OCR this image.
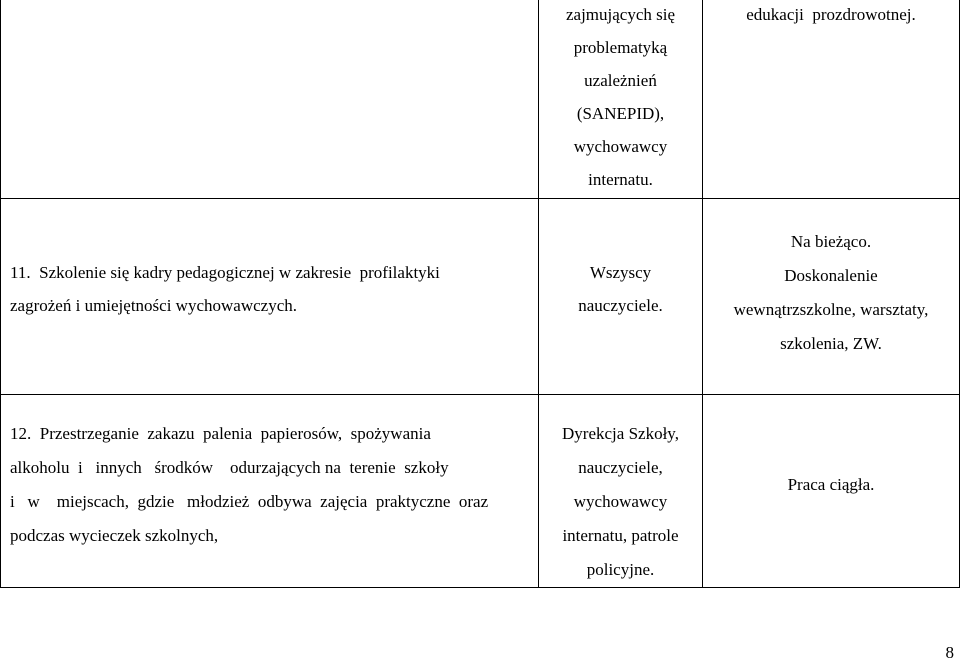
zajmujących się
problematyką
uzależnień
(SANEPID),
wychowawcy
internatu.
edukacji  prozdrowotnej.
11.  Szkolenie się kadry pedagogicznej w zakresie  profilaktyki
zagrożeń i umiejętności wychowawczych.
Wszyscy
nauczyciele.
Na bieżąco.
Doskonalenie
wewnątrzszkolne, warsztaty,
szkolenia, ZW.
12.  Przestrzeganie  zakazu  palenia  papierosów,  spożywania
alkoholu  i   innych   środków    odurzających na  terenie  szkoły
i   w    miejscach,  gdzie   młodzież  odbywa  zajęcia  praktyczne  oraz
podczas wycieczek szkolnych,
Dyrekcja Szkoły,
nauczyciele,
wychowawcy
internatu, patrole
policyjne.
Praca ciągła.
8
